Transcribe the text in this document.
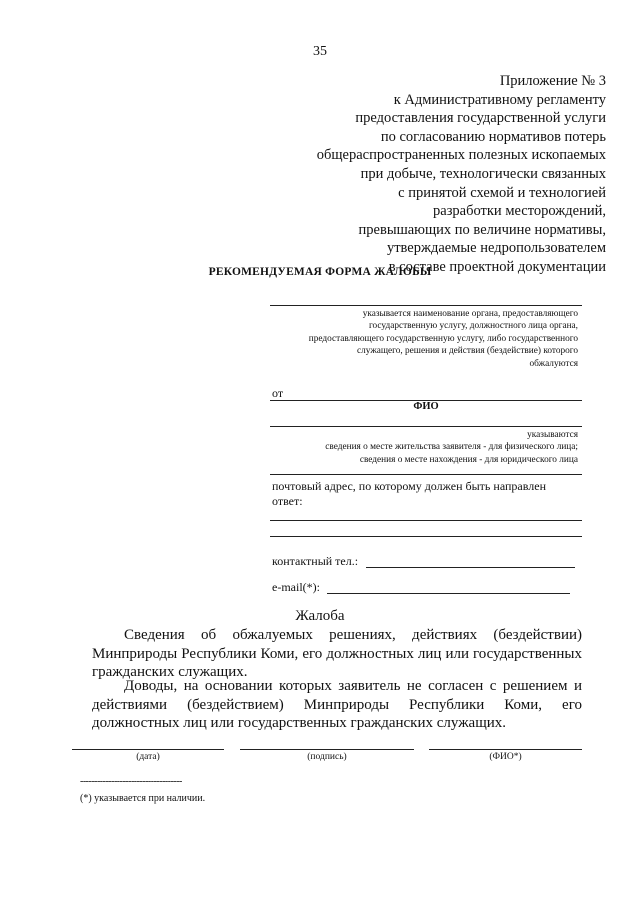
35
Приложение № 3
к Административному регламенту
предоставления государственной услуги
по согласованию нормативов потерь
общераспространенных полезных ископаемых
при добыче, технологически связанных
с принятой схемой и технологией
разработки месторождений,
превышающих по величине нормативы,
утверждаемые недропользователем
в составе проектной документации
РЕКОМЕНДУЕМАЯ ФОРМА ЖАЛОБЫ
указывается наименование органа, предоставляющего
государственную услугу, должностного лица органа,
предоставляющего государственную услугу, либо государственного
служащего, решения и действия (бездействие) которого
обжалуются
от
ФИО
указываются
сведения о месте жительства заявителя - для физического лица;
сведения о месте нахождения - для юридического лица
почтовый адрес, по которому должен быть направлен
ответ:
контактный тел.:
e-mail(*):
Жалоба
Сведения об обжалуемых решениях, действиях (бездействии) Минприроды Республики Коми, его должностных лиц или государственных гражданских служащих.
Доводы, на основании которых заявитель не согласен с решением и действиями (бездействием) Минприроды Республики Коми, его должностных лиц или государственных гражданских служащих.
(дата)	(подпись)	(ФИО*)
------------------------------------
(*) указывается при наличии.
